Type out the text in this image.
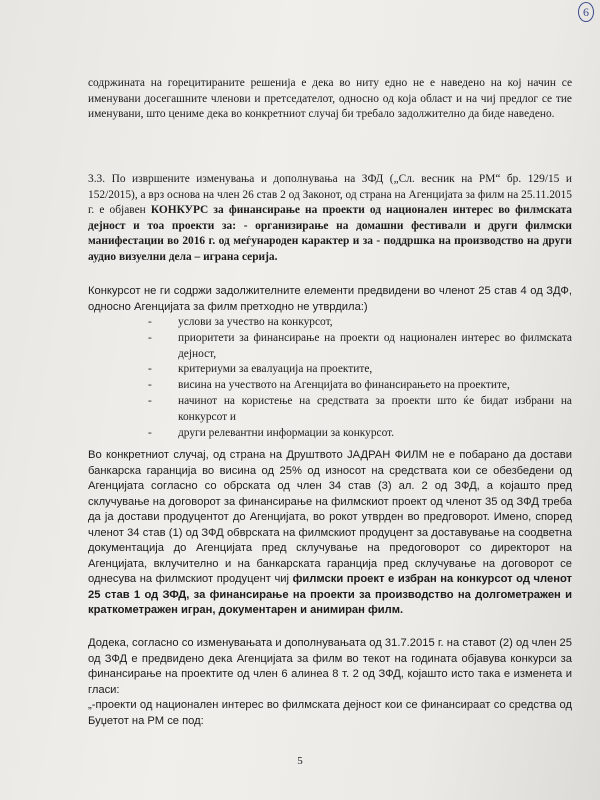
6

содржината на горецитираните решенија е дека во ниту едно не е наведено на кој начин се именувани досегашните членови и претседателот, односно од која област и на чиј предлог се тие именувани, што цениме дека во конкретниот случај би требало задолжително да биде наведено.

3.3. По извршените изменувања и дополнувања на ЗФД („Сл. весник на РМ“ бр. 129/15 и 152/2015), а врз основа на член 26 став 2 од Законот, од страна на Агенцијата за филм на 25.11.2015 г. е објавен КОНКУРС за финансирање на проекти од национален интерес во филмската дејност и тоа проекти за: - организирање на домашни фестивали и други филмски манифестации во 2016 г. од меѓународен карактер и за - поддршка на производство на други аудио визуелни дела – играна серија.

Конкурсот не ги содржи задолжителните елементи предвидени во членот 25 став 4 од ЗДФ, односно Агенцијата за филм претходно не утврдила:)

- услови за учество на конкурсот,
- приоритети за финансирање на проекти од национален интерес во филмската дејност,
- критериуми за евалуација на проектите,
- висина на учеството на Агенцијата во финансирањето на проектите,
- начинот на користење на средствата за проекти што ќе бидат избрани на конкурсот и
- други релевантни информации за конкурсот.

Во конкретниот случај, од страна на Друштвото ЈАДРАН ФИЛМ не е побарано да достави банкарска гаранција во висина од 25% од износот на средствата кои се обезбедени од Агенцијата согласно со обрската од член 34 став (3) ал. 2 од ЗФД, а којашто пред склучување на договорот за финансирање на филмскиот проект од членот 35 од ЗФД треба да ја достави продуцентот до Агенцијата, во рокот утврден во предговорот. Имено, според членот 34 став (1) од ЗФД обврската на филмскиот продуцент за доставување на соодветна документација до Агенцијата пред склучување на предоговорот со директорот на Агенцијата, вклучително и на банкарската гаранција пред склучување на договорот се однесува на филмскиот продуцент чиј филмски проект е избран на конкурсот од членот 25 став 1 од ЗФД, за финансирање на проекти за производство на долгометражен и краткометражен игран, документарен и анимиран филм.

Додека, согласно со изменувањата и дополнувањата од 31.7.2015 г. на ставот (2) од член 25 од ЗФД е предвидено дека Агенцијата за филм во текот на годината објавува конкурси за финансирање на проектите од член 6 алинеа 8 т. 2 од ЗФД, којашто исто така е изменета и гласи:

„-проекти од национален интерес во филмската дејност кои се финансираат со средства од Буџетот на РМ се под:

5
